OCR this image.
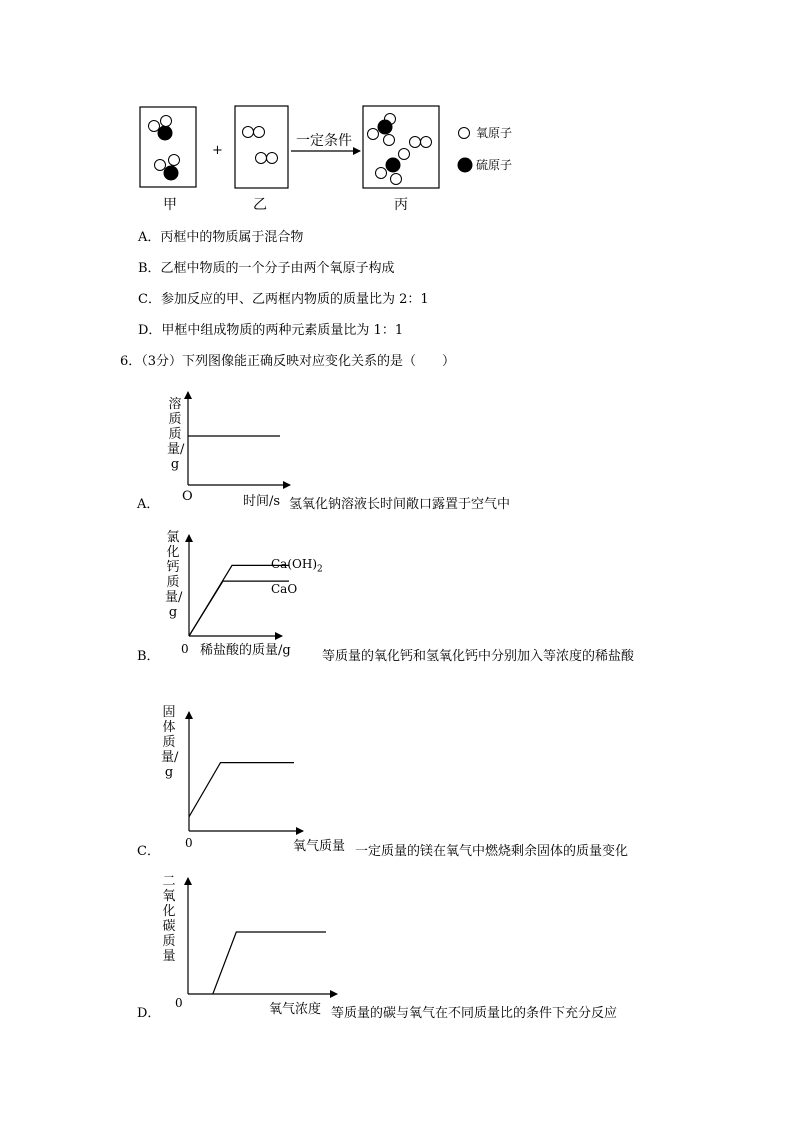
+
一定条件
甲	乙	丙
氧原子
硫原子
A．丙框中的物质属于混合物
B．乙框中物质的一个分子由两个氧原子构成
C．参加反应的甲、乙两框内物质的质量比为 2：1
D．甲框中组成物质的两种元素质量比为 1：1
6．（3分）下列图像能正确反映对应变化关系的是（　　）
溶质质量/g
O	时间/s
A．	氢氧化钠溶液长时间敞口露置于空气中
氯化钙质量/g
$Ca(OH)_2$
CaO
0 稀盐酸的质量/g
B．	等质量的氧化钙和氢氧化钙中分别加入等浓度的稀盐酸
固体质量/g
0	氧气质量
C．	一定质量的镁在氧气中燃烧剩余固体的质量变化
二氧化碳质量
0	氧气浓度
D．	等质量的碳与氧气在不同质量比的条件下充分反应
